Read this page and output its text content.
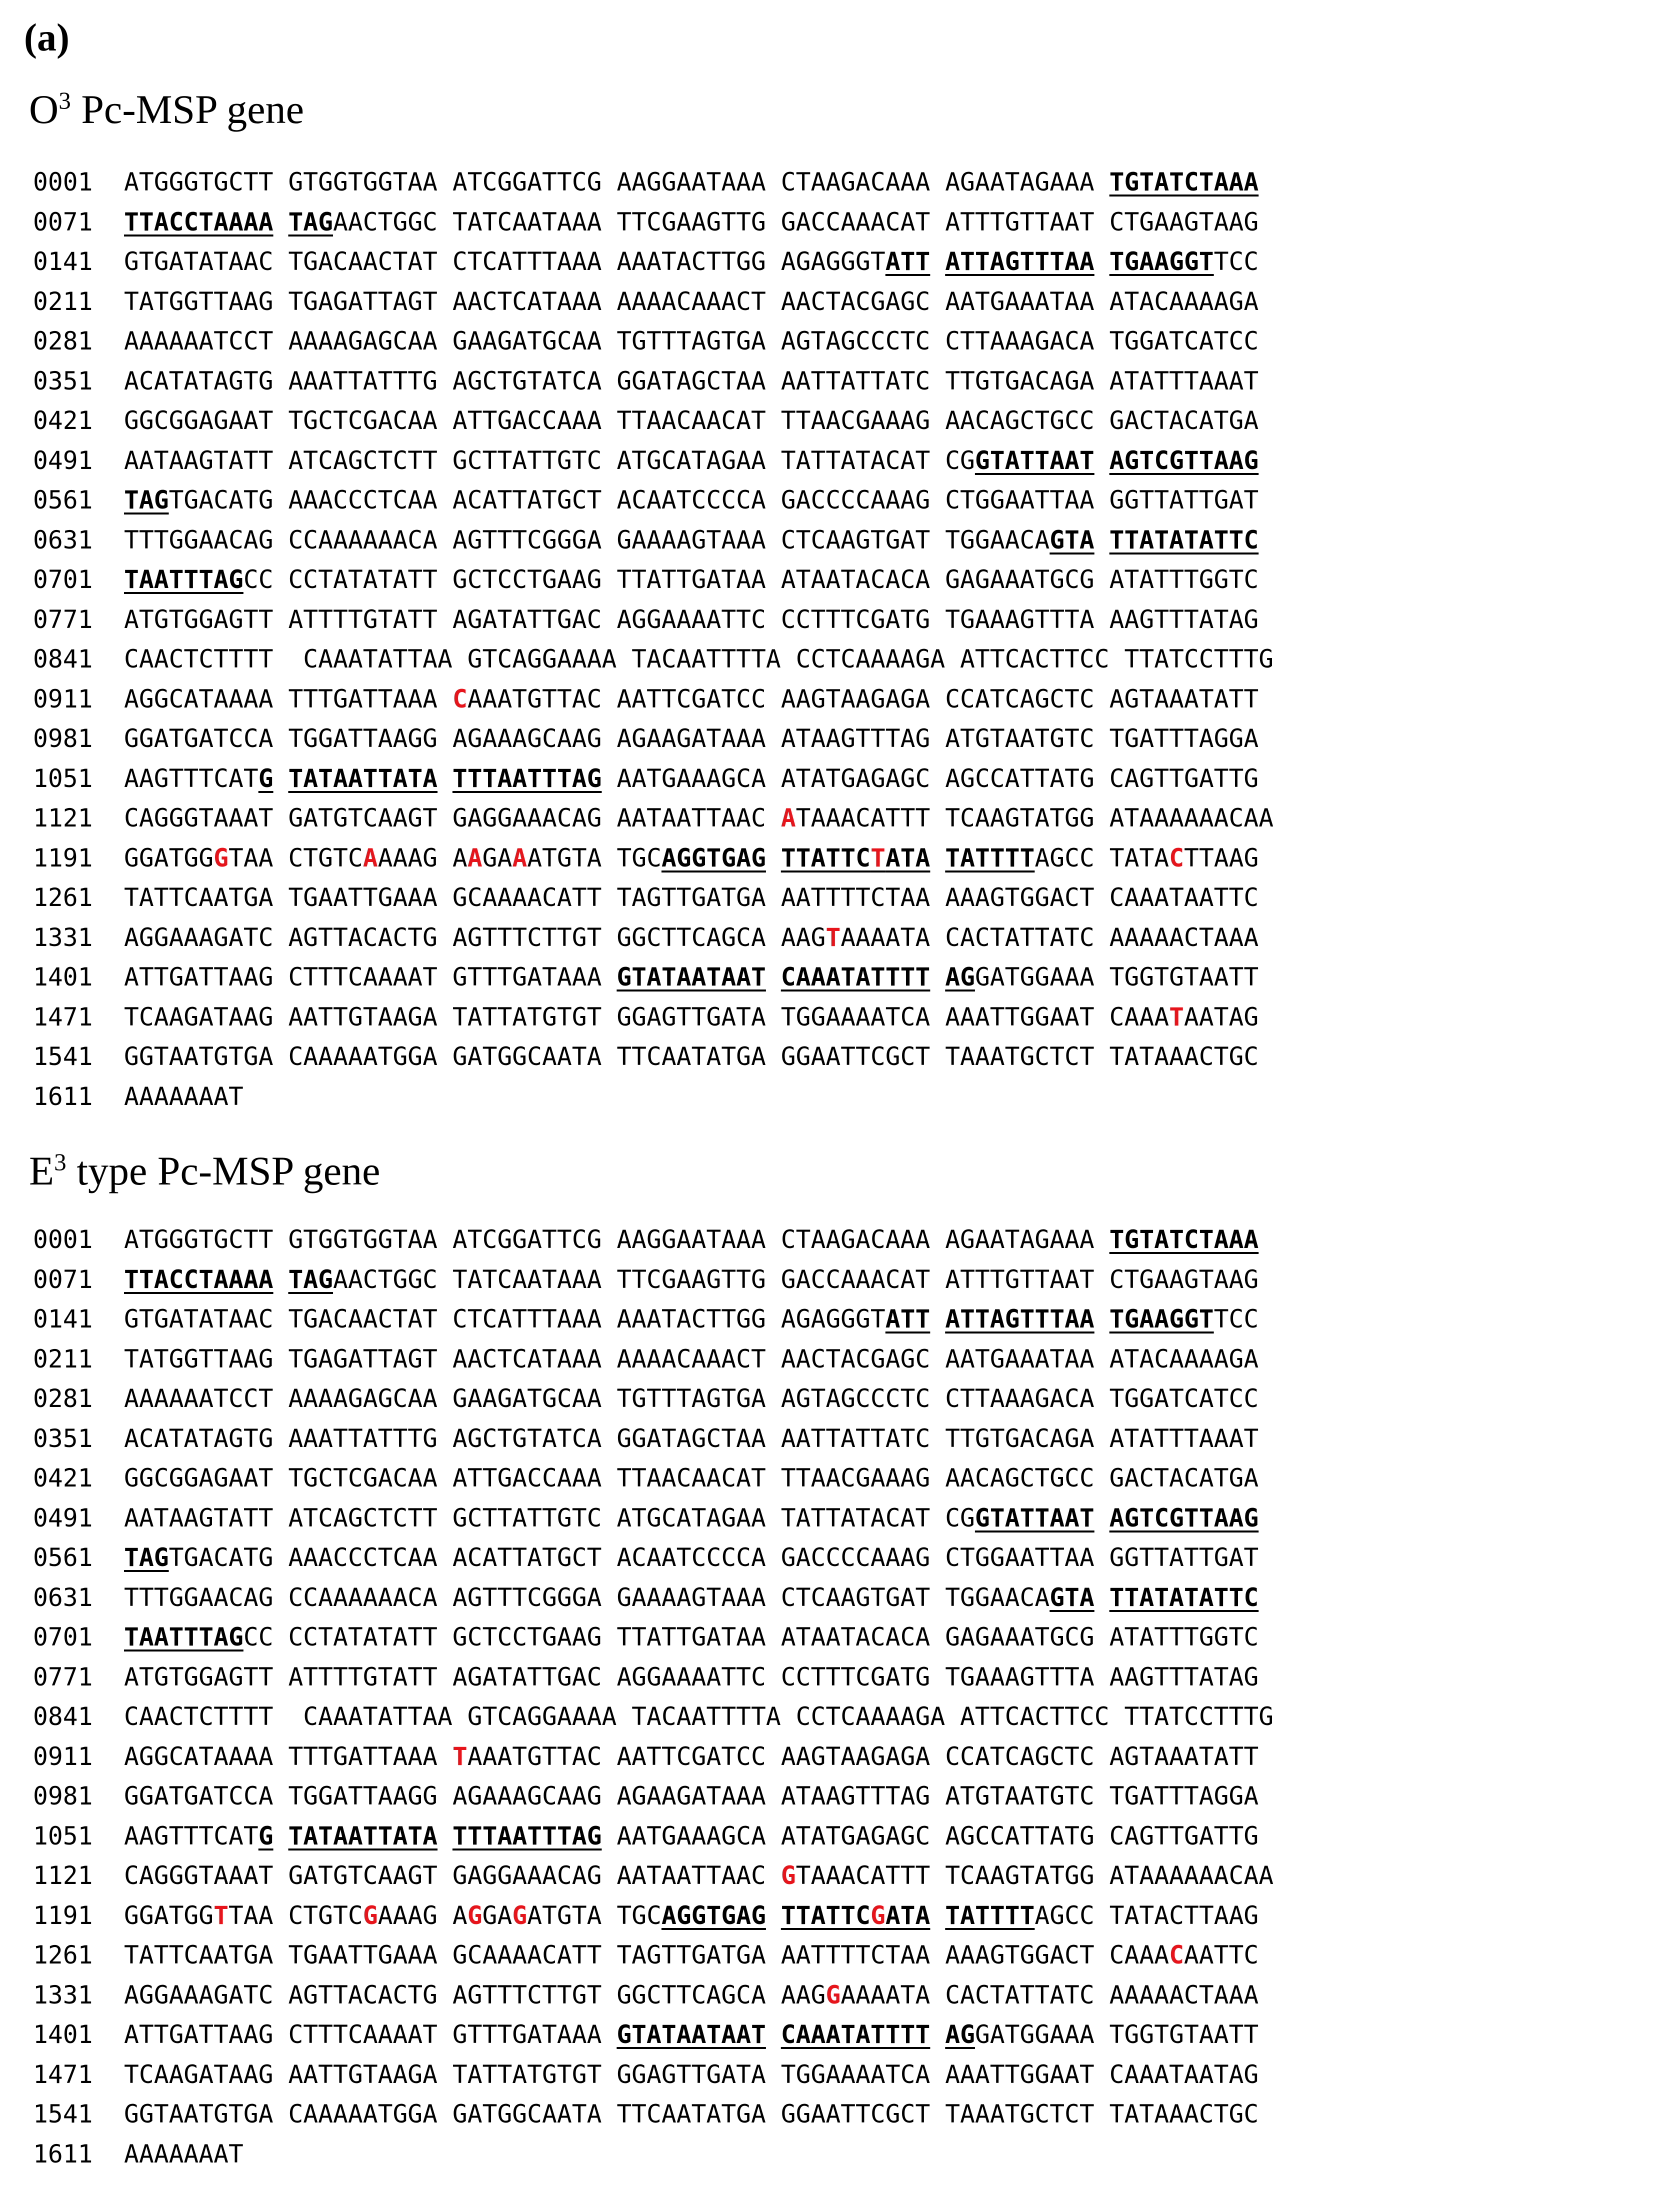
(a)
$O^3$ Pc-MSP gene
0001 ATGGGTGCTT GTGGTGGTAA ATCGGATTCG AAGGAATAAA CTAAGACAAA AGAATAGAAA TGTATCTAAA
0071 TTACCTAAAA TAGAACTGGC TATCAATAAA TTCGAAGTTG GACCAAACAT ATTTGTTAAT CTGAAGTAAG
0141 GTGATATAAC TGACAACTAT CTCATTTAAA AAATACTTGG AGAGGGTATT ATTAGTTTAA TGAAGGTTCC
0211 TATGGTTAAG TGAGATTAGT AACTCATAAA AAAACAAACT AACTACGAGC AATGAAATAA ATACAAAAGA
0281 AAAAAATCCT AAAAGAGCAA GAAGATGCAA TGTTTAGTGA AGTAGCCCTC CTTAAAGACA TGGATCATCC
0351 ACATATAGTG AAATTATTTG AGCTGTATCA GGATAGCTAA AATTATTATC TTGTGACAGA ATATTTAAAT
0421 GGCGGAGAAT TGCTCGACAA ATTGACCAAA TTAACAACAT TTAACGAAAG AACAGCTGCC GACTACATGA
0491 AATAAGTATT ATCAGCTCTT GCTTATTGTC ATGCATAGAA TATTATACAT CGGTATTAAT AGTCGTTAAG
0561 TAGTGACATG AAACCCTCAA ACATTATGCT ACAATCCCCA GACCCCAAAG CTGGAATTAA GGTTATTGAT
0631 TTTGGAACAG CCAAAAAACA AGTTTCGGGA GAAAAGTAAA CTCAAGTGAT TGGAACAGTA TTATATATTC
0701 TAATTTAGCC CCTATATATT GCTCCTGAAG TTATTGATAA ATAATACACA GAGAAATGCG ATATTTGGTC
0771 ATGTGGAGTT ATTTTGTATT AGATATTGAC AGGAAAATTC CCTTTCGATG TGAAAGTTTA AAGTTTATAG
0841 CAACTCTTTT  CAAATATTAA GTCAGGAAAA TACAATTTTA CCTCAAAAGA ATTCACTTCC TTATCCTTTG
0911 AGGCATAAAA TTTGATTAAA CAAATGTTAC AATTCGATCC AAGTAAGAGA CCATCAGCTC AGTAAATATT
0981 GGATGATCCA TGGATTAAGG AGAAAGCAAG AGAAGATAAA ATAAGTTTAG ATGTAATGTC TGATTTAGGA
1051 AAGTTTCATG TATAATTATA TTTAATTTAG AATGAAAGCA ATATGAGAGC AGCCATTATG CAGTTGATTG
1121 CAGGGTAAAT GATGTCAAGT GAGGAAACAG AATAATTAAC ATAAACATTT TCAAGTATGG ATAAAAAACAA
1191 GGATGGGTAA CTGTCAAAAG AAGAAATGTA TGCAGGTGAG TTATTCTATA TATTTTAGCC TATACTTAAG
1261 TATTCAATGA TGAATTGAAA GCAAAACATT TAGTTGATGA AATTTTCTAA AAAGTGGACT CAAATAATTC
1331 AGGAAAGATC AGTTACACTG AGTTTCTTGT GGCTTCAGCA AAGTAAAATA CACTATTATC AAAAACTAAA
1401 ATTGATTAAG CTTTCAAAAT GTTTGATAAA GTATAATAAT CAAATATTTT AGGATGGAAA TGGTGTAATT
1471 TCAAGATAAG AATTGTAAGA TATTATGTGT GGAGTTGATA TGGAAAATCA AAATTGGAAT CAAATAATAG
1541 GGTAATGTGA CAAAAATGGA GATGGCAATA TTCAATATGA GGAATTCGCT TAAATGCTCT TATAAACTGC
1611 AAAAAAAT
$E^3$ type Pc-MSP gene
0001 ATGGGTGCTT GTGGTGGTAA ATCGGATTCG AAGGAATAAA CTAAGACAAA AGAATAGAAA TGTATCTAAA
0071 TTACCTAAAA TAGAACTGGC TATCAATAAA TTCGAAGTTG GACCAAACAT ATTTGTTAAT CTGAAGTAAG
0141 GTGATATAAC TGACAACTAT CTCATTTAAA AAATACTTGG AGAGGGTATT ATTAGTTTAA TGAAGGTTCC
0211 TATGGTTAAG TGAGATTAGT AACTCATAAA AAAACAAACT AACTACGAGC AATGAAATAA ATACAAAAGA
0281 AAAAAATCCT AAAAGAGCAA GAAGATGCAA TGTTTAGTGA AGTAGCCCTC CTTAAAGACA TGGATCATCC
0351 ACATATAGTG AAATTATTTG AGCTGTATCA GGATAGCTAA AATTATTATC TTGTGACAGA ATATTTAAAT
0421 GGCGGAGAAT TGCTCGACAA ATTGACCAAA TTAACAACAT TTAACGAAAG AACAGCTGCC GACTACATGA
0491 AATAAGTATT ATCAGCTCTT GCTTATTGTC ATGCATAGAA TATTATACAT CGGTATTAAT AGTCGTTAAG
0561 TAGTGACATG AAACCCTCAA ACATTATGCT ACAATCCCCA GACCCCAAAG CTGGAATTAA GGTTATTGAT
0631 TTTGGAACAG CCAAAAAACA AGTTTCGGGA GAAAAGTAAA CTCAAGTGAT TGGAACAGTA TTATATATTC
0701 TAATTTAGCC CCTATATATT GCTCCTGAAG TTATTGATAA ATAATACACA GAGAAATGCG ATATTTGGTC
0771 ATGTGGAGTT ATTTTGTATT AGATATTGAC AGGAAAATTC CCTTTCGATG TGAAAGTTTA AAGTTTATAG
0841 CAACTCTTTT  CAAATATTAA GTCAGGAAAA TACAATTTTA CCTCAAAAGA ATTCACTTCC TTATCCTTTG
0911 AGGCATAAAA TTTGATTAAA TAAATGTTAC AATTCGATCC AAGTAAGAGA CCATCAGCTC AGTAAATATT
0981 GGATGATCCA TGGATTAAGG AGAAAGCAAG AGAAGATAAA ATAAGTTTAG ATGTAATGTC TGATTTAGGA
1051 AAGTTTCATG TATAATTATA TTTAATTTAG AATGAAAGCA ATATGAGAGC AGCCATTATG CAGTTGATTG
1121 CAGGGTAAAT GATGTCAAGT GAGGAAACAG AATAATTAAC GTAAACATTT TCAAGTATGG ATAAAAAACAA
1191 GGATGGTTAA CTGTCGAAAG AGGAGATGTA TGCAGGTGAG TTATTCGATA TATTTTAGCC TATACTTAAG
1261 TATTCAATGA TGAATTGAAA GCAAAACATT TAGTTGATGA AATTTTCTAA AAAGTGGACT CAAACAATTC
1331 AGGAAAGATC AGTTACACTG AGTTTCTTGT GGCTTCAGCA AAGGAAAATA CACTATTATC AAAAACTAAA
1401 ATTGATTAAG CTTTCAAAAT GTTTGATAAA GTATAATAAT CAAATATTTT AGGATGGAAA TGGTGTAATT
1471 TCAAGATAAG AATTGTAAGA TATTATGTGT GGAGTTGATA TGGAAAATCA AAATTGGAAT CAAATAATAG
1541 GGTAATGTGA CAAAAATGGA GATGGCAATA TTCAATATGA GGAATTCGCT TAAATGCTCT TATAAACTGC
1611 AAAAAAAT
